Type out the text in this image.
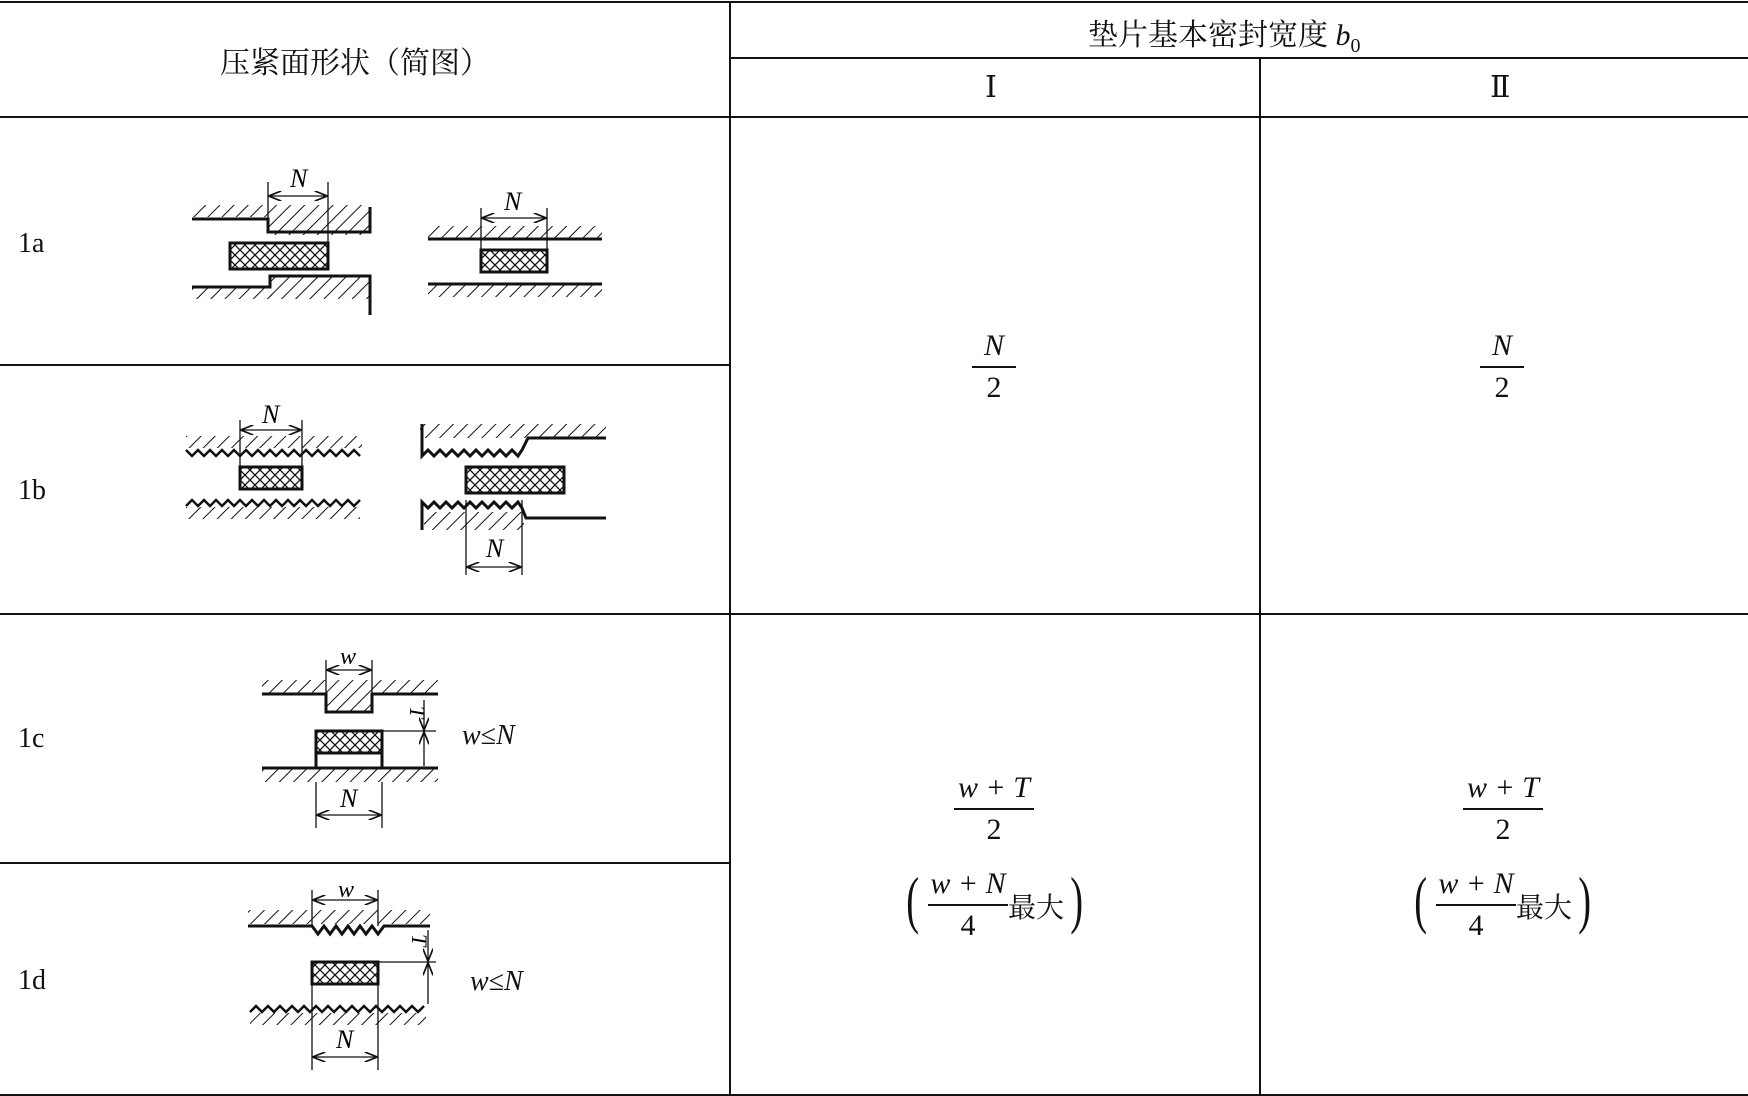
压紧面形状（简图）
垫片基本密封宽度 $b_0$
Ⅰ	Ⅱ
1a
1b
1c
1d
N
N
N
N
w
T
N
w
T
N
w≤N
w≤N
N
2
N
2
w + T
2
( w + N
4
最大 )
w + T
2
( w + N
4
最大 )
